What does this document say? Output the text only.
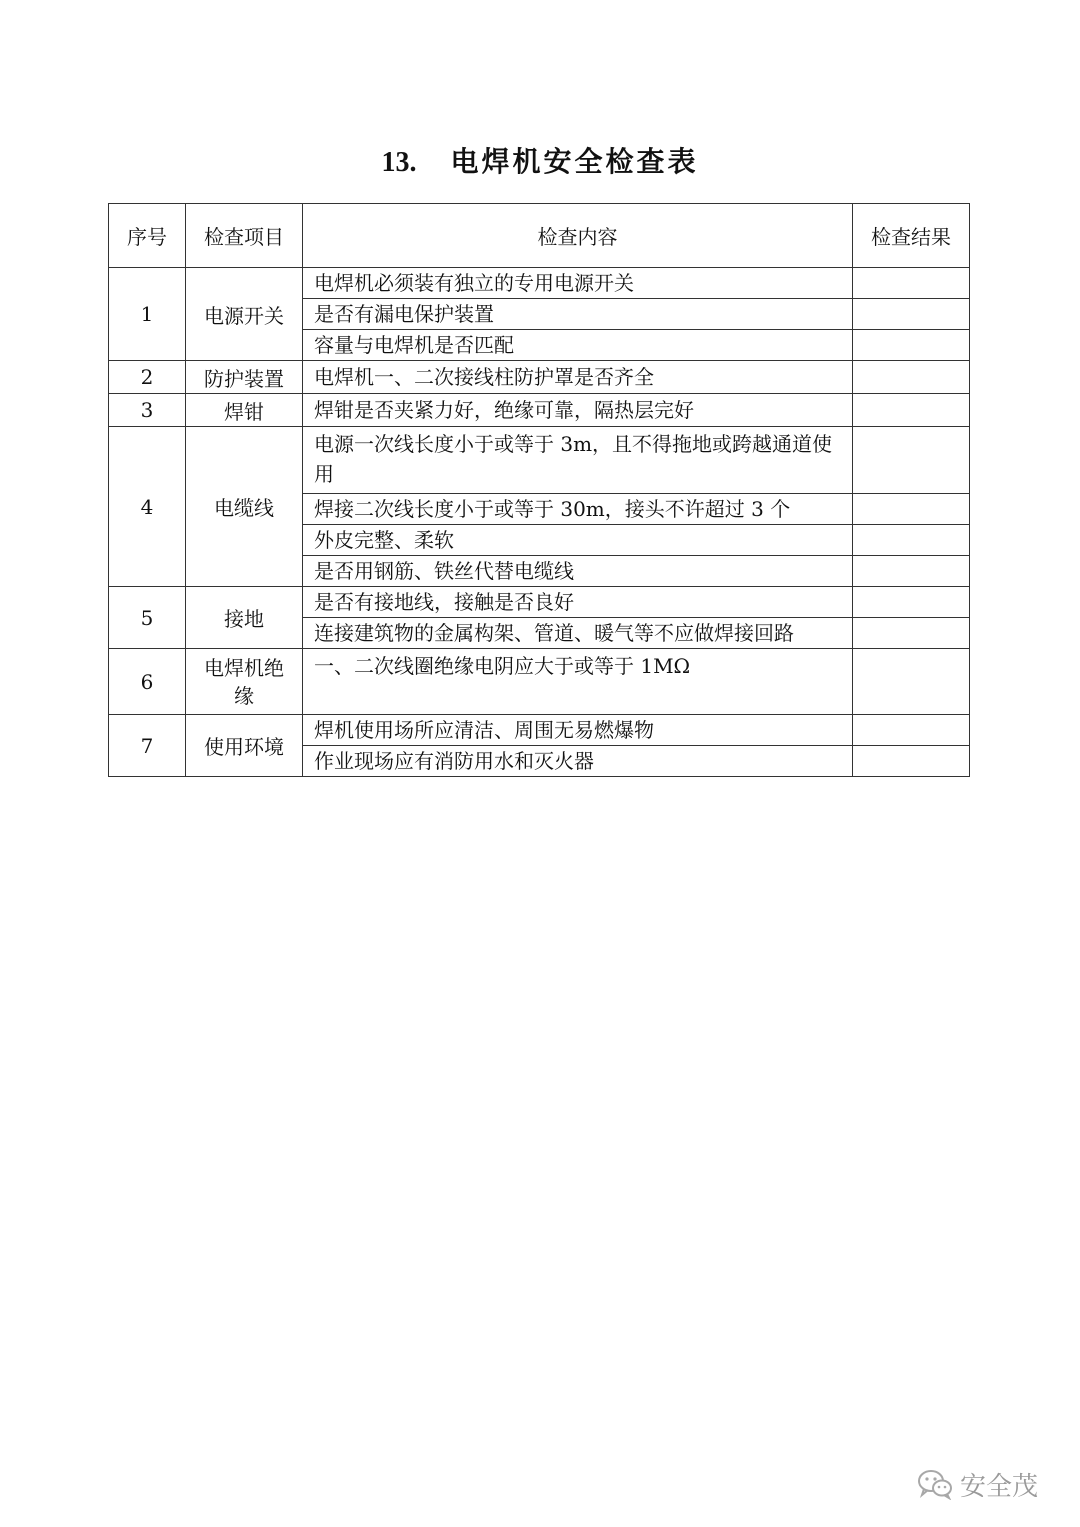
13. 电焊机安全检查表
序号	检查项目	检查内容	检查结果
1	电源开关	电焊机必须装有独立的专用电源开关	
		是否有漏电保护装置	
		容量与电焊机是否匹配	
2	防护装置	电焊机一、二次接线柱防护罩是否齐全	
3	焊钳	焊钳是否夹紧力好，绝缘可靠，隔热层完好	
4	电缆线	电源一次线长度小于或等于 3m，且不得拖地或跨越通道使用	
		焊接二次线长度小于或等于 30m，接头不许超过 3 个	
		外皮完整、柔软	
		是否用钢筋、铁丝代替电缆线	
5	接地	是否有接地线，接触是否良好	
		连接建筑物的金属构架、管道、暖气等不应做焊接回路	
6	电焊机绝缘	一、二次线圈绝缘电阴应大于或等于 1MΩ	
7	使用环境	焊机使用场所应清洁、周围无易燃爆物	
		作业现场应有消防用水和灭火器	
安全茂
